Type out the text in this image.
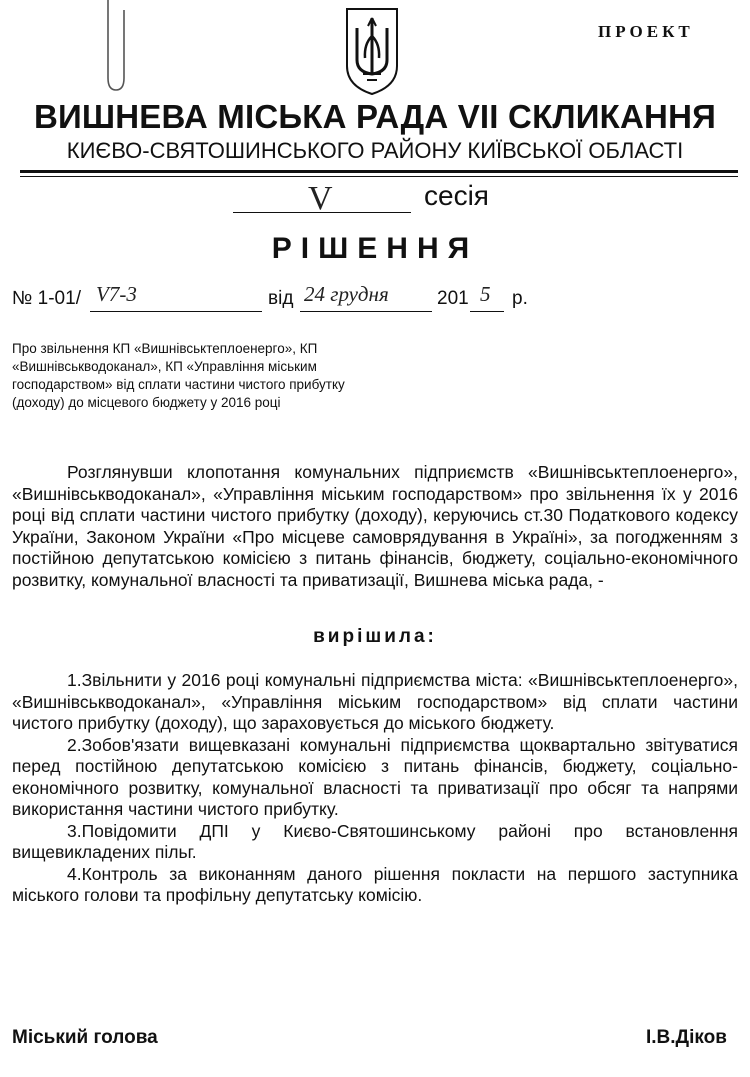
ПРОЕКТ
ВИШНЕВА МІСЬКА РАДА VII СКЛИКАННЯ
КИЄВО-СВЯТОШИНСЬКОГО РАЙОНУ КИЇВСЬКОЇ ОБЛАСТІ
V	сесія
РІШЕННЯ
№ 1-01/ V7-3	від 24 грудня	201 5 р.
Про звільнення КП «Вишнівськтеплоенерго», КП «Вишнівськводоканал», КП «Управління міським господарством» від сплати частини чистого прибутку (доходу) до місцевого бюджету у 2016 році

Розглянувши клопотання комунальних підприємств «Вишнівськтеплоенерго», «Вишнівськводоканал», «Управління міським господарством» про звільнення їх у 2016 році від сплати частини чистого прибутку (доходу), керуючись ст.30 Податкового кодексу України, Законом України «Про місцеве самоврядування в Україні», за погодженням з постійною депутатською комісією з питань фінансів, бюджету, соціально-економічного розвитку, комунальної власності та приватизації, Вишнева міська рада, -

вирішила:

1.Звільнити у 2016 році комунальні підприємства міста: «Вишнівськтеплоенерго», «Вишнівськводоканал», «Управління міським господарством» від сплати частини чистого прибутку (доходу), що зараховується до міського бюджету.

2.Зобов'язати вищевказані комунальні підприємства щоквартально звітуватися перед постійною депутатською комісією з питань фінансів, бюджету, соціально-економічного розвитку, комунальної власності та приватизації про обсяг та напрями використання частини чистого прибутку.

3.Повідомити ДПІ у Києво-Святошинському районі про встановлення вищевикладених пільг.

4.Контроль за виконанням даного рішення покласти на першого заступника міського голови та профільну депутатську комісію.

Міський голова	І.В.Діков
